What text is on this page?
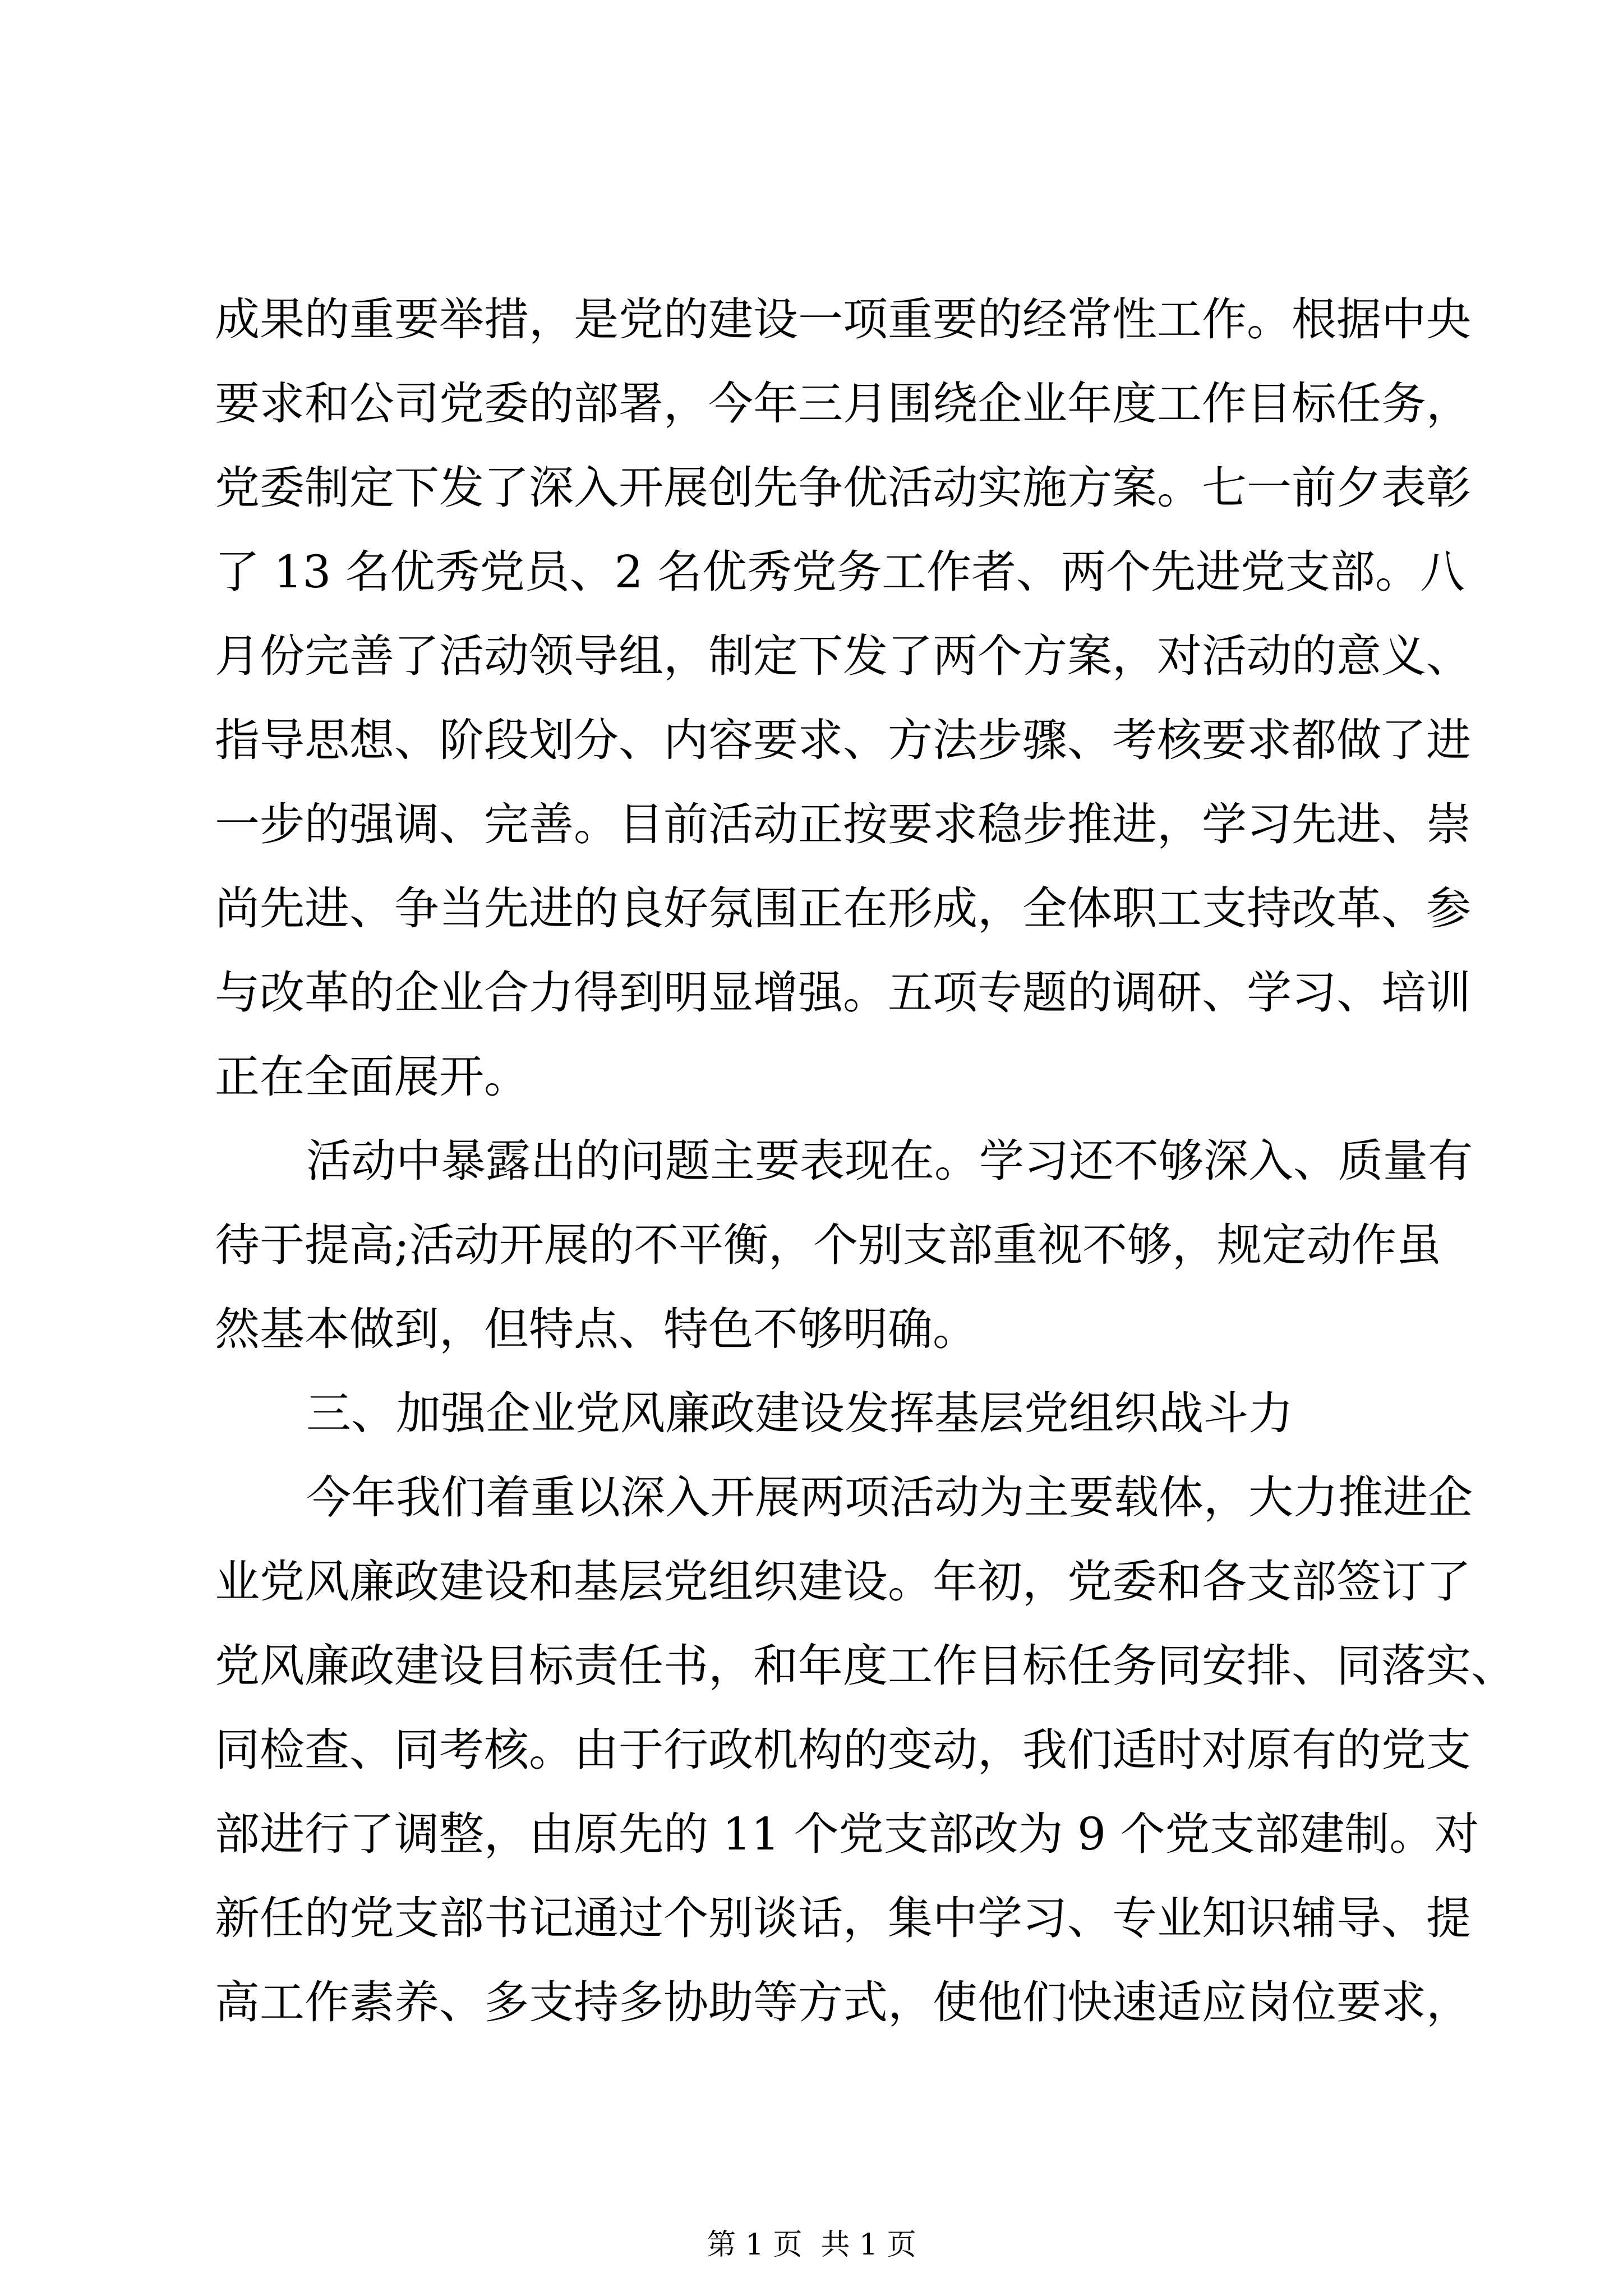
成果的重要举措，是党的建设一项重要的经常性工作。根据中央
要求和公司党委的部署，今年三月围绕企业年度工作目标任务，
党委制定下发了深入开展创先争优活动实施方案。七一前夕表彰
了 13 名优秀党员、2 名优秀党务工作者、两个先进党支部。八
月份完善了活动领导组，制定下发了两个方案，对活动的意义、
指导思想、阶段划分、内容要求、方法步骤、考核要求都做了进
一步的强调、完善。目前活动正按要求稳步推进，学习先进、崇
尚先进、争当先进的良好氛围正在形成，全体职工支持改革、参
与改革的企业合力得到明显增强。五项专题的调研、学习、培训
正在全面展开。
活动中暴露出的问题主要表现在。学习还不够深入、质量有
待于提高;活动开展的不平衡，个别支部重视不够，规定动作虽
然基本做到，但特点、特色不够明确。
三、加强企业党风廉政建设发挥基层党组织战斗力
今年我们着重以深入开展两项活动为主要载体，大力推进企
业党风廉政建设和基层党组织建设。年初，党委和各支部签订了
党风廉政建设目标责任书，和年度工作目标任务同安排、同落实、
同检查、同考核。由于行政机构的变动，我们适时对原有的党支
部进行了调整，由原先的 11 个党支部改为 9 个党支部建制。对
新任的党支部书记通过个别谈话，集中学习、专业知识辅导、提
高工作素养、多支持多协助等方式，使他们快速适应岗位要求，
第 1 页  共 1 页
